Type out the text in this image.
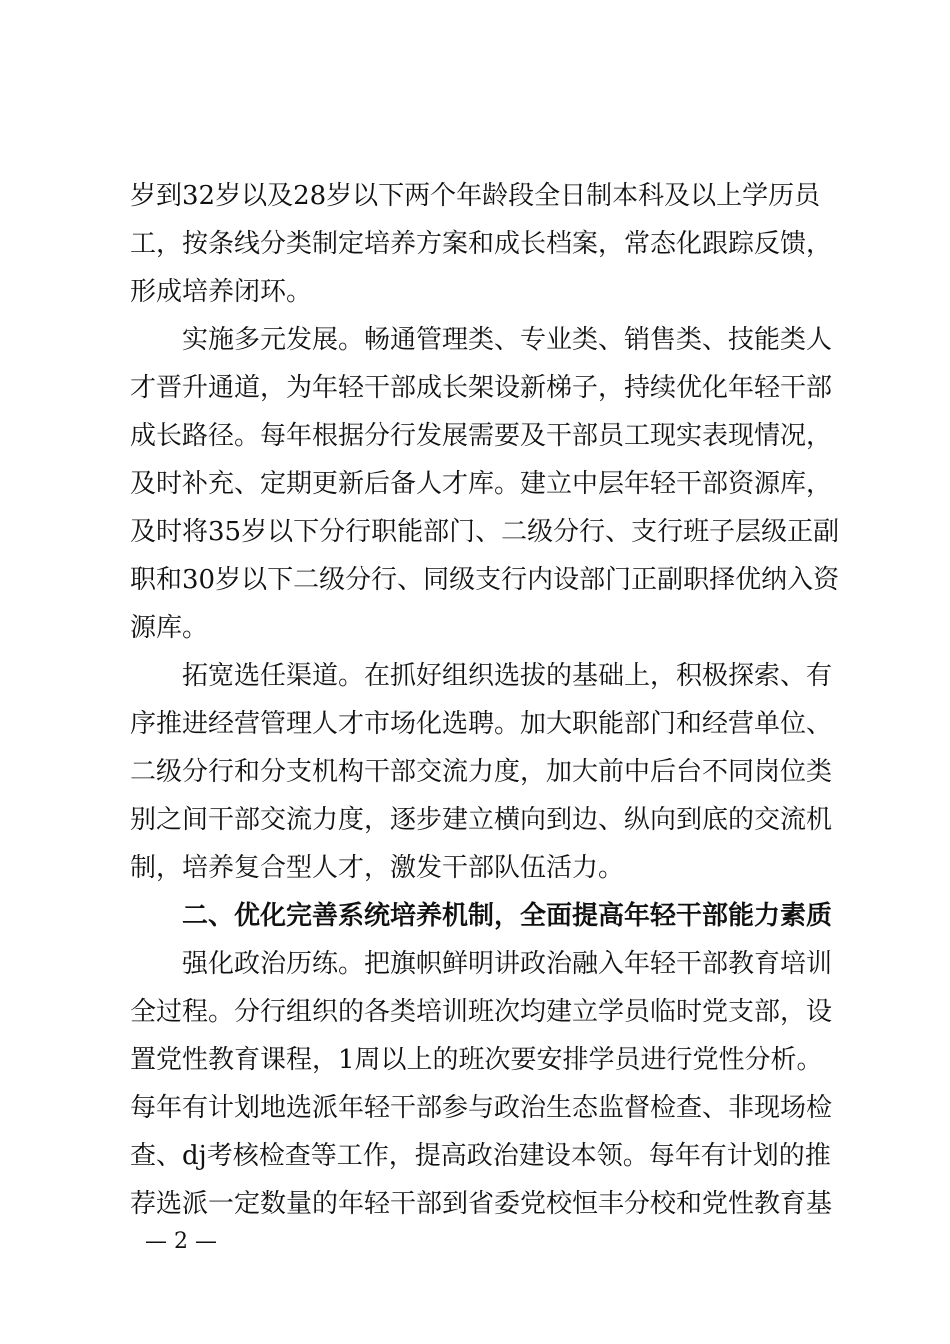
岁到32岁以及28岁以下两个年龄段全日制本科及以上学历员
工，按条线分类制定培养方案和成长档案，常态化跟踪反馈，
形成培养闭环。
实施多元发展。畅通管理类、专业类、销售类、技能类人
才晋升通道，为年轻干部成长架设新梯子，持续优化年轻干部
成长路径。每年根据分行发展需要及干部员工现实表现情况，
及时补充、定期更新后备人才库。建立中层年轻干部资源库，
及时将35岁以下分行职能部门、二级分行、支行班子层级正副
职和30岁以下二级分行、同级支行内设部门正副职择优纳入资
源库。
拓宽选任渠道。在抓好组织选拔的基础上，积极探索、有
序推进经营管理人才市场化选聘。加大职能部门和经营单位、
二级分行和分支机构干部交流力度，加大前中后台不同岗位类
别之间干部交流力度，逐步建立横向到边、纵向到底的交流机
制，培养复合型人才，激发干部队伍活力。
二、优化完善系统培养机制，全面提高年轻干部能力素质
强化政治历练。把旗帜鲜明讲政治融入年轻干部教育培训
全过程。分行组织的各类培训班次均建立学员临时党支部，设
置党性教育课程，1周以上的班次要安排学员进行党性分析。
每年有计划地选派年轻干部参与政治生态监督检查、非现场检
查、dj考核检查等工作，提高政治建设本领。每年有计划的推
荐选派一定数量的年轻干部到省委党校恒丰分校和党性教育基
— 2 —
